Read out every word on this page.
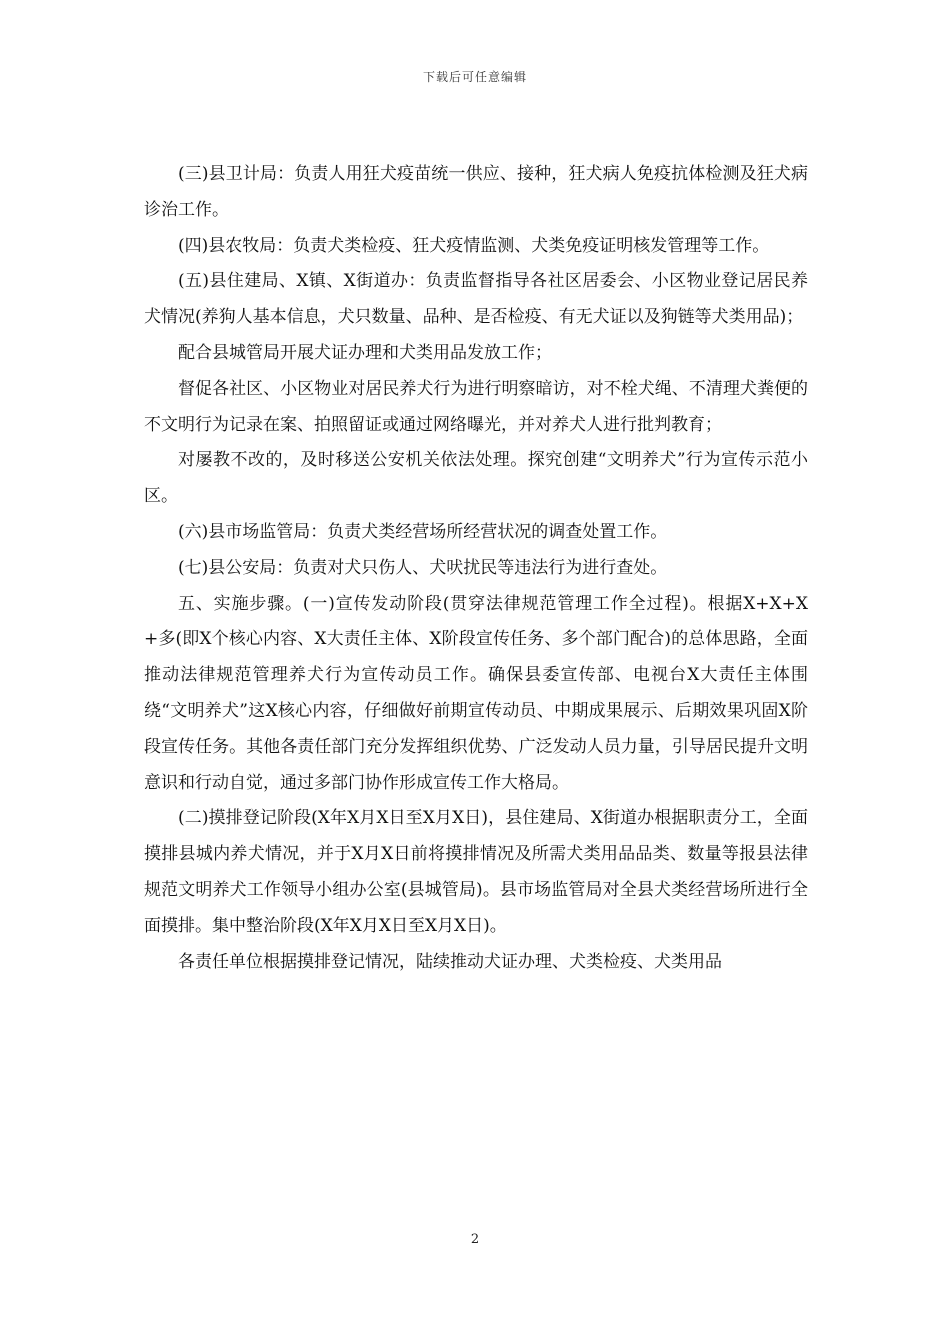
下载后可任意编辑

(三)县卫计局：负责人用狂犬疫苗统一供应、接种，狂犬病人免疫抗体检测及狂犬病诊治工作。

(四)县农牧局：负责犬类检疫、狂犬疫情监测、犬类免疫证明核发管理等工作。

(五)县住建局、X镇、X街道办：负责监督指导各社区居委会、小区物业登记居民养犬情况(养狗人基本信息，犬只数量、品种、是否检疫、有无犬证以及狗链等犬类用品)；

配合县城管局开展犬证办理和犬类用品发放工作；

督促各社区、小区物业对居民养犬行为进行明察暗访，对不栓犬绳、不清理犬粪便的不文明行为记录在案、拍照留证或通过网络曝光，并对养犬人进行批判教育；

对屡教不改的，及时移送公安机关依法处理。探究创建“文明养犬”行为宣传示范小区。

(六)县市场监管局：负责犬类经营场所经营状况的调查处置工作。

(七)县公安局：负责对犬只伤人、犬吠扰民等违法行为进行查处。

五、实施步骤。(一)宣传发动阶段(贯穿法律规范管理工作全过程)。根据X+X+X+多(即X个核心内容、X大责任主体、X阶段宣传任务、多个部门配合)的总体思路，全面推动法律规范管理养犬行为宣传动员工作。确保县委宣传部、电视台X大责任主体围绕“文明养犬”这X核心内容，仔细做好前期宣传动员、中期成果展示、后期效果巩固X阶段宣传任务。其他各责任部门充分发挥组织优势、广泛发动人员力量，引导居民提升文明意识和行动自觉，通过多部门协作形成宣传工作大格局。

(二)摸排登记阶段(X年X月X日至X月X日)，县住建局、X街道办根据职责分工，全面摸排县城内养犬情况，并于X月X日前将摸排情况及所需犬类用品品类、数量等报县法律规范文明养犬工作领导小组办公室(县城管局)。县市场监管局对全县犬类经营场所进行全面摸排。集中整治阶段(X年X月X日至X月X日)。

各责任单位根据摸排登记情况，陆续推动犬证办理、犬类检疫、犬类用品

2
